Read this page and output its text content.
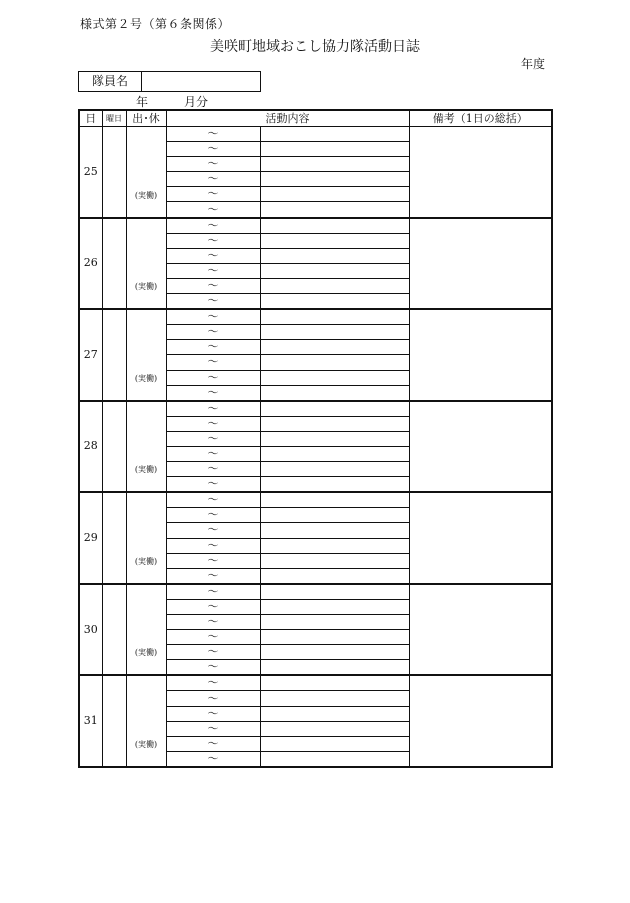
様式第２号（第６条関係）
美咲町地域おこし協力隊活動日誌
年度
隊員名
年	月分
日	曜日	出･休	活動内容		備考（1日の総括）
25		(実働)	〜		
			〜		
			〜		
			〜		
			〜		
			〜		
26		(実働)	〜		
			〜		
			〜		
			〜		
			〜		
			〜		
27		(実働)	〜		
			〜		
			〜		
			〜		
			〜		
			〜		
28		(実働)	〜		
			〜		
			〜		
			〜		
			〜		
			〜		
29		(実働)	〜		
			〜		
			〜		
			〜		
			〜		
			〜		
30		(実働)	〜		
			〜		
			〜		
			〜		
			〜		
			〜		
31		(実働)	〜		
			〜		
			〜		
			〜		
			〜		
			〜		
